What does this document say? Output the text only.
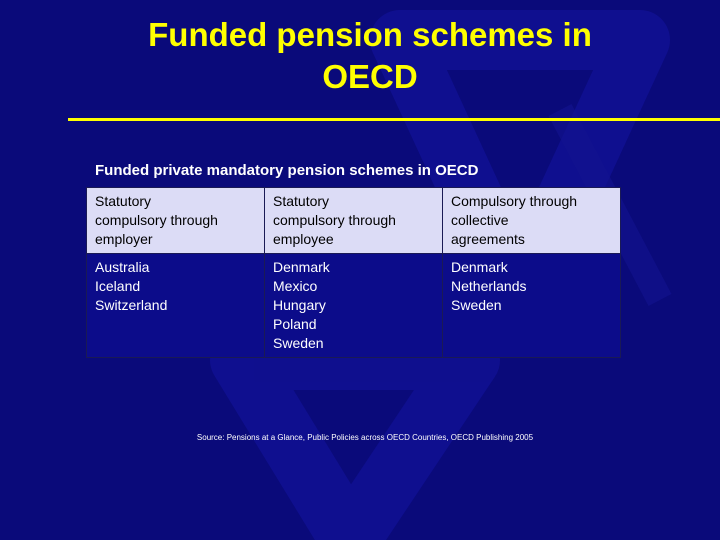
Funded pension schemes in
OECD
Funded private mandatory pension schemes in OECD
Statutory
compulsory through
employer	Statutory
compulsory through
employee	Compulsory through
collective
agreements

Australia
Iceland
Switzerland	Denmark
Mexico
Hungary
Poland
Sweden	Denmark
Netherlands
Sweden
Source: Pensions at a Glance, Public Policies across OECD Countries, OECD Publishing 2005
